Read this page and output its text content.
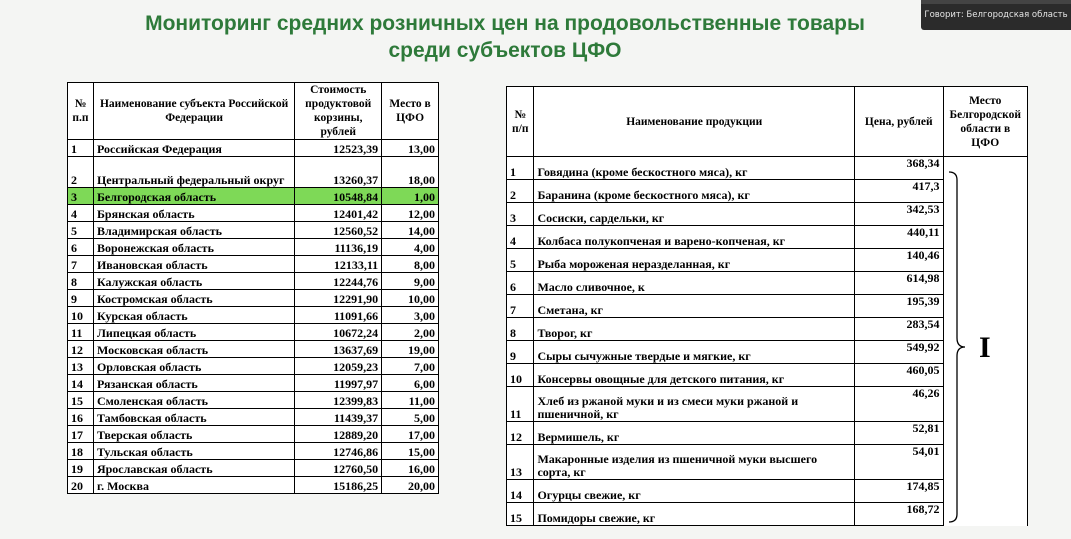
Мониторинг средних розничных цен на продовольственные товары
среди субъектов ЦФО
Говорит: Белгородская область
№ п.п	Наименование субъекта Российской Федерации	Стоимость продуктовой корзины, рублей	Место в ЦФО
1	Российская Федерация	12523,39	13,00
2	Центральный федеральный округ	13260,37	18,00
3	Белгородская область	10548,84	1,00
4	Брянская область	12401,42	12,00
5	Владимирская область	12560,52	14,00
6	Воронежская область	11136,19	4,00
7	Ивановская область	12133,11	8,00
8	Калужская область	12244,76	9,00
9	Костромская область	12291,90	10,00
10	Курская область	11091,66	3,00
11	Липецкая область	10672,24	2,00
12	Московская область	13637,69	19,00
13	Орловская область	12059,23	7,00
14	Рязанская область	11997,97	6,00
15	Смоленская область	12399,83	11,00
16	Тамбовская область	11439,37	5,00
17	Тверская область	12889,20	17,00
18	Тульская область	12746,86	15,00
19	Ярославская область	12760,50	16,00
20	г. Москва	15186,25	20,00
№ п/п	Наименование продукции	Цена, рублей	Место Белгородской области в ЦФО
1	Говядина (кроме бескостного мяса), кг	368,34	
2	Баранина (кроме бескостного мяса), кг	417,3	
3	Сосиски, сардельки, кг	342,53	
4	Колбаса полукопченая и варено-копченая, кг	440,11	
5	Рыба мороженая неразделанная, кг	140,46	
6	Масло сливочное, к	614,98	
7	Сметана, кг	195,39	
8	Творог, кг	283,54	
9	Сыры сычужные твердые и мягкие, кг	549,92	
10	Консервы овощные для детского питания, кг	460,05	
11	Хлеб из ржаной муки и из смеси муки ржаной и пшеничной, кг	46,26	
12	Вермишель, кг	52,81	
13	Макаронные изделия из пшеничной муки высшего сорта, кг	54,01	
14	Огурцы свежие, кг	174,85	
15	Помидоры свежие, кг	168,72	
I
